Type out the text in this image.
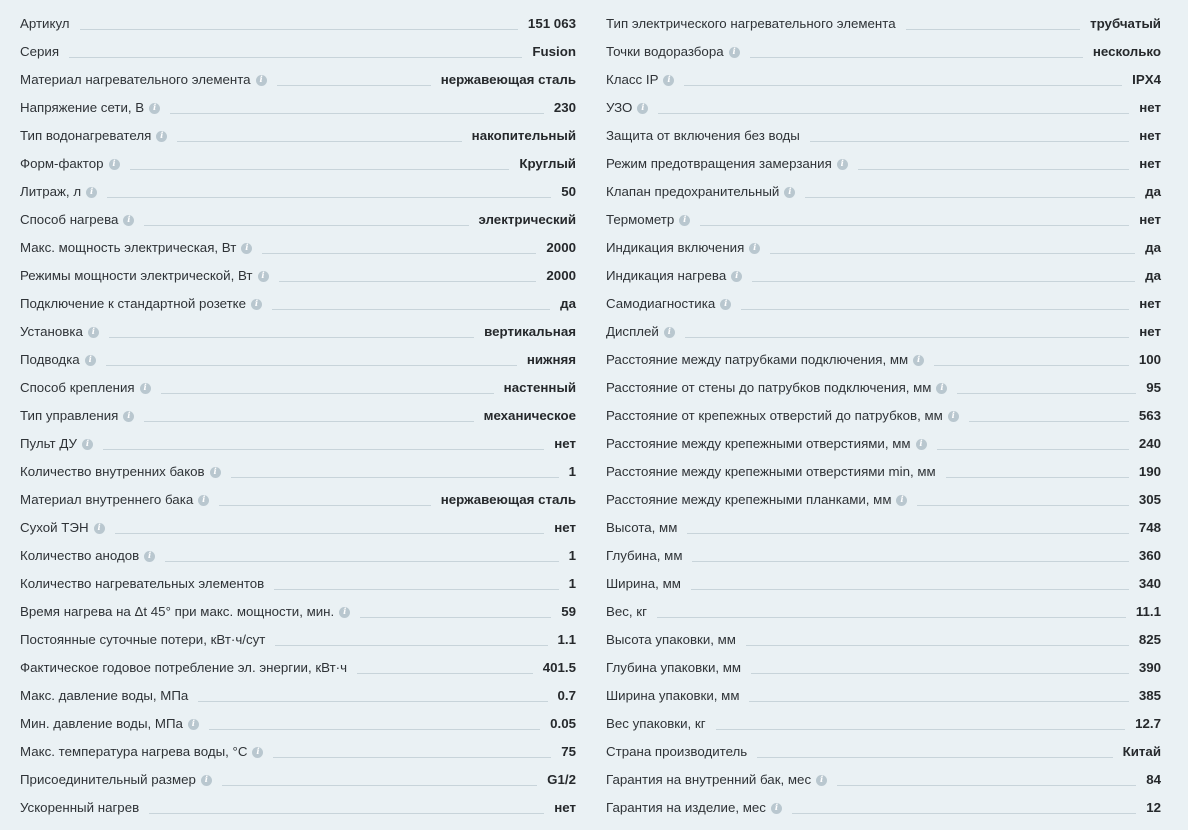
Артикул	151 063
Серия	Fusion
Материал нагревательного элемента	i	нержавеющая сталь
Напряжение сети, В	i	230
Тип водонагревателя	i	накопительный
Форм-фактор	i	Круглый
Литраж, л	i	50
Способ нагрева	i	электрический
Макс. мощность электрическая, Вт	i	2000
Режимы мощности электрической, Вт	i	2000
Подключение к стандартной розетке	i	да
Установка	i	вертикальная
Подводка	i	нижняя
Способ крепления	i	настенный
Тип управления	i	механическое
Пульт ДУ	i	нет
Количество внутренних баков	i	1
Материал внутреннего бака	i	нержавеющая сталь
Сухой ТЭН	i	нет
Количество анодов	i	1
Количество нагревательных элементов	1
Время нагрева на Δt 45° при макс. мощности, мин.	i	59
Постоянные суточные потери, кВт·ч/сут	1.1
Фактическое годовое потребление эл. энергии, кВт·ч	401.5
Макс. давление воды, МПа	0.7
Мин. давление воды, МПа	i	0.05
Макс. температура нагрева воды, °С	i	75
Присоединительный размер	i	G1/2
Ускоренный нагрев	нет
Тип электрического нагревательного элемента	трубчатый
Точки водоразбора	i	несколько
Класс IP	i	IPX4
УЗО	i	нет
Защита от включения без воды	нет
Режим предотвращения замерзания	i	нет
Клапан предохранительный	i	да
Термометр	i	нет
Индикация включения	i	да
Индикация нагрева	i	да
Самодиагностика	i	нет
Дисплей	i	нет
Расстояние между патрубками подключения, мм	i	100
Расстояние от стены до патрубков подключения, мм	i	95
Расстояние от крепежных отверстий до патрубков, мм	i	563
Расстояние между крепежными отверстиями, мм	i	240
Расстояние между крепежными отверстиями min, мм	190
Расстояние между крепежными планками, мм	i	305
Высота, мм	748
Глубина, мм	360
Ширина, мм	340
Вес, кг	11.1
Высота упаковки, мм	825
Глубина упаковки, мм	390
Ширина упаковки, мм	385
Вес упаковки, кг	12.7
Страна производитель	Китай
Гарантия на внутренний бак, мес	i	84
Гарантия на изделие, мес	i	12
